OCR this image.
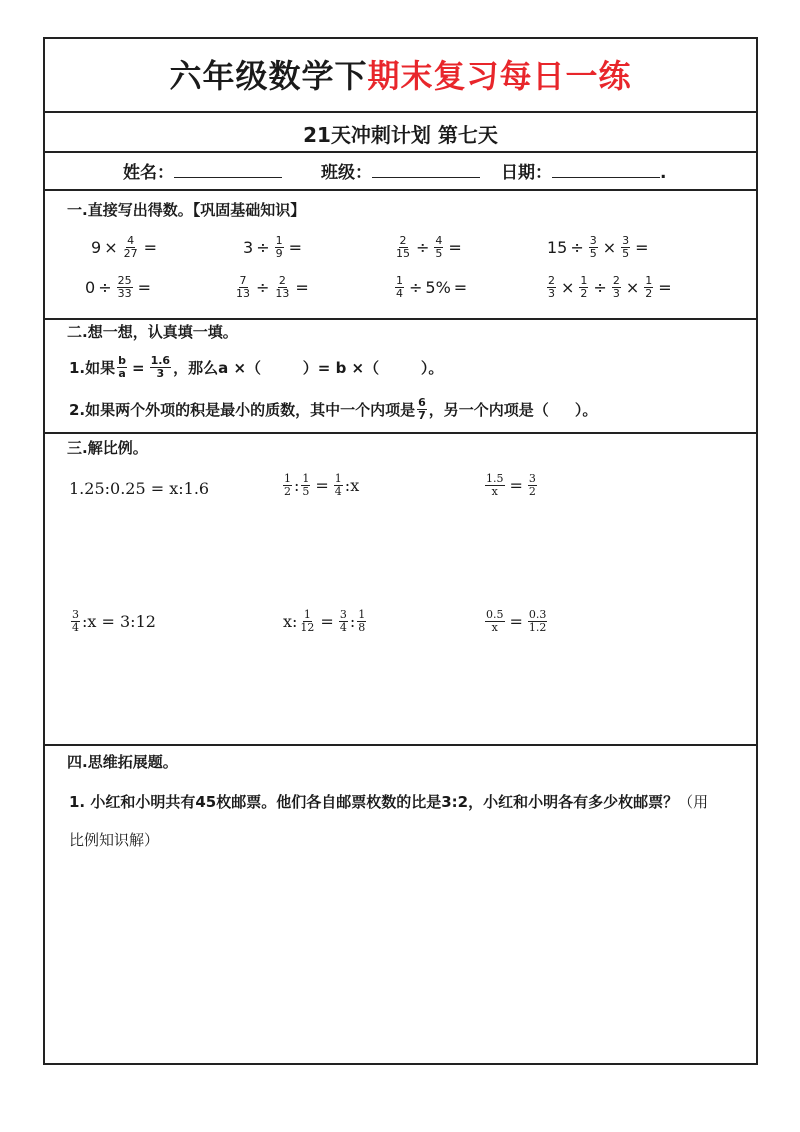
六年级数学下期末复习每日一练
21天冲刺计划 第七天
姓名：	班级：	日期：	.
一.直接写出得数。【巩固基础知识】
$9 \times \frac{4}{27}$ =	$3 \div \frac{1}{9}$ =	$\frac{2}{15} \div \frac{4}{5}$ =	$15 \div \frac{3}{5} \times \frac{3}{5}$ =
$0 \div \frac{25}{33}$ =	$\frac{7}{13} \div \frac{2}{13}$ =	$\frac{1}{4} \div 5\%$ =	$\frac{2}{3} \times \frac{1}{2} \div \frac{2}{3} \times \frac{1}{2}$ =
二.想一想，认真填一填。
1.如果 $\frac{b}{a} = \frac{1.6}{3}$ ，那么a ×（        ）= b ×（        ）。
2.如果两个外项的积是最小的质数，其中一个内项是 $\frac{6}{7}$ ，另一个内项是（     ）。
三.解比例。
1.25:0.25 = x:1.6	$\frac{1}{2}$ : $\frac{1}{5} = \frac{1}{4}$ :x	$\frac{1.5}{x} = \frac{3}{2}$
$\frac{3}{4}$ :x = 3:12	x: $\frac{1}{12} = \frac{3}{4}$ : $\frac{1}{8}$	$\frac{0.5}{x} = \frac{0.3}{1.2}$
四.思维拓展题。
1. 小红和小明共有45枚邮票。他们各自邮票枚数的比是3:2，小红和小明各有多少枚邮票？（用比例知识解）
